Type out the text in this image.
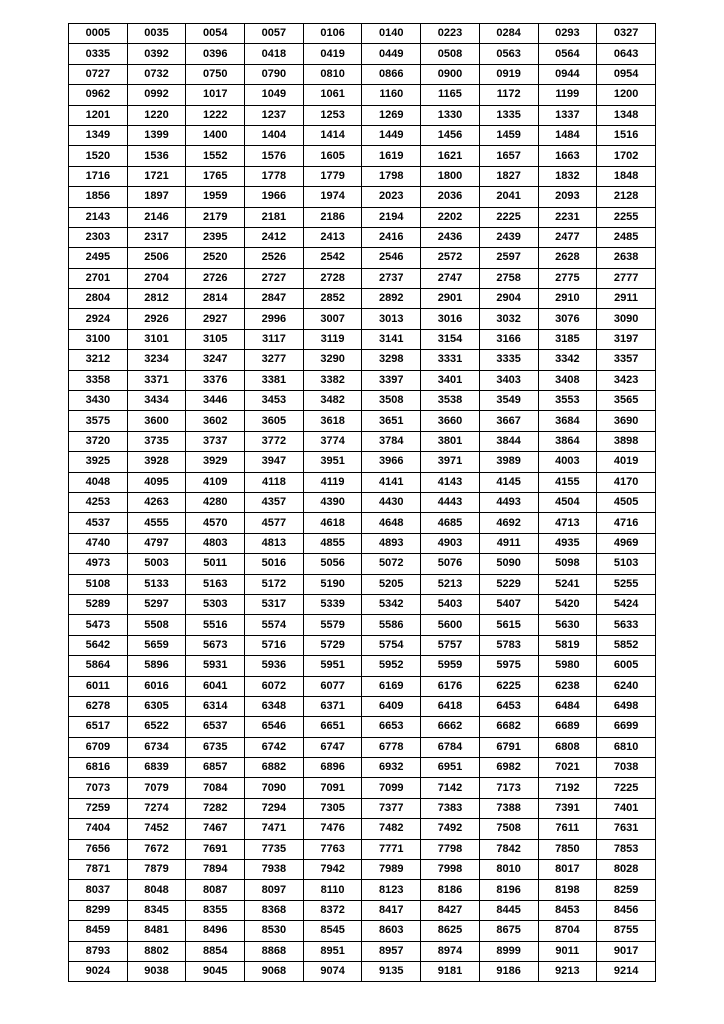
0005	0035	0054	0057	0106	0140	0223	0284	0293	0327
0335	0392	0396	0418	0419	0449	0508	0563	0564	0643
0727	0732	0750	0790	0810	0866	0900	0919	0944	0954
0962	0992	1017	1049	1061	1160	1165	1172	1199	1200
1201	1220	1222	1237	1253	1269	1330	1335	1337	1348
1349	1399	1400	1404	1414	1449	1456	1459	1484	1516
1520	1536	1552	1576	1605	1619	1621	1657	1663	1702
1716	1721	1765	1778	1779	1798	1800	1827	1832	1848
1856	1897	1959	1966	1974	2023	2036	2041	2093	2128
2143	2146	2179	2181	2186	2194	2202	2225	2231	2255
2303	2317	2395	2412	2413	2416	2436	2439	2477	2485
2495	2506	2520	2526	2542	2546	2572	2597	2628	2638
2701	2704	2726	2727	2728	2737	2747	2758	2775	2777
2804	2812	2814	2847	2852	2892	2901	2904	2910	2911
2924	2926	2927	2996	3007	3013	3016	3032	3076	3090
3100	3101	3105	3117	3119	3141	3154	3166	3185	3197
3212	3234	3247	3277	3290	3298	3331	3335	3342	3357
3358	3371	3376	3381	3382	3397	3401	3403	3408	3423
3430	3434	3446	3453	3482	3508	3538	3549	3553	3565
3575	3600	3602	3605	3618	3651	3660	3667	3684	3690
3720	3735	3737	3772	3774	3784	3801	3844	3864	3898
3925	3928	3929	3947	3951	3966	3971	3989	4003	4019
4048	4095	4109	4118	4119	4141	4143	4145	4155	4170
4253	4263	4280	4357	4390	4430	4443	4493	4504	4505
4537	4555	4570	4577	4618	4648	4685	4692	4713	4716
4740	4797	4803	4813	4855	4893	4903	4911	4935	4969
4973	5003	5011	5016	5056	5072	5076	5090	5098	5103
5108	5133	5163	5172	5190	5205	5213	5229	5241	5255
5289	5297	5303	5317	5339	5342	5403	5407	5420	5424
5473	5508	5516	5574	5579	5586	5600	5615	5630	5633
5642	5659	5673	5716	5729	5754	5757	5783	5819	5852
5864	5896	5931	5936	5951	5952	5959	5975	5980	6005
6011	6016	6041	6072	6077	6169	6176	6225	6238	6240
6278	6305	6314	6348	6371	6409	6418	6453	6484	6498
6517	6522	6537	6546	6651	6653	6662	6682	6689	6699
6709	6734	6735	6742	6747	6778	6784	6791	6808	6810
6816	6839	6857	6882	6896	6932	6951	6982	7021	7038
7073	7079	7084	7090	7091	7099	7142	7173	7192	7225
7259	7274	7282	7294	7305	7377	7383	7388	7391	7401
7404	7452	7467	7471	7476	7482	7492	7508	7611	7631
7656	7672	7691	7735	7763	7771	7798	7842	7850	7853
7871	7879	7894	7938	7942	7989	7998	8010	8017	8028
8037	8048	8087	8097	8110	8123	8186	8196	8198	8259
8299	8345	8355	8368	8372	8417	8427	8445	8453	8456
8459	8481	8496	8530	8545	8603	8625	8675	8704	8755
8793	8802	8854	8868	8951	8957	8974	8999	9011	9017
9024	9038	9045	9068	9074	9135	9181	9186	9213	9214
